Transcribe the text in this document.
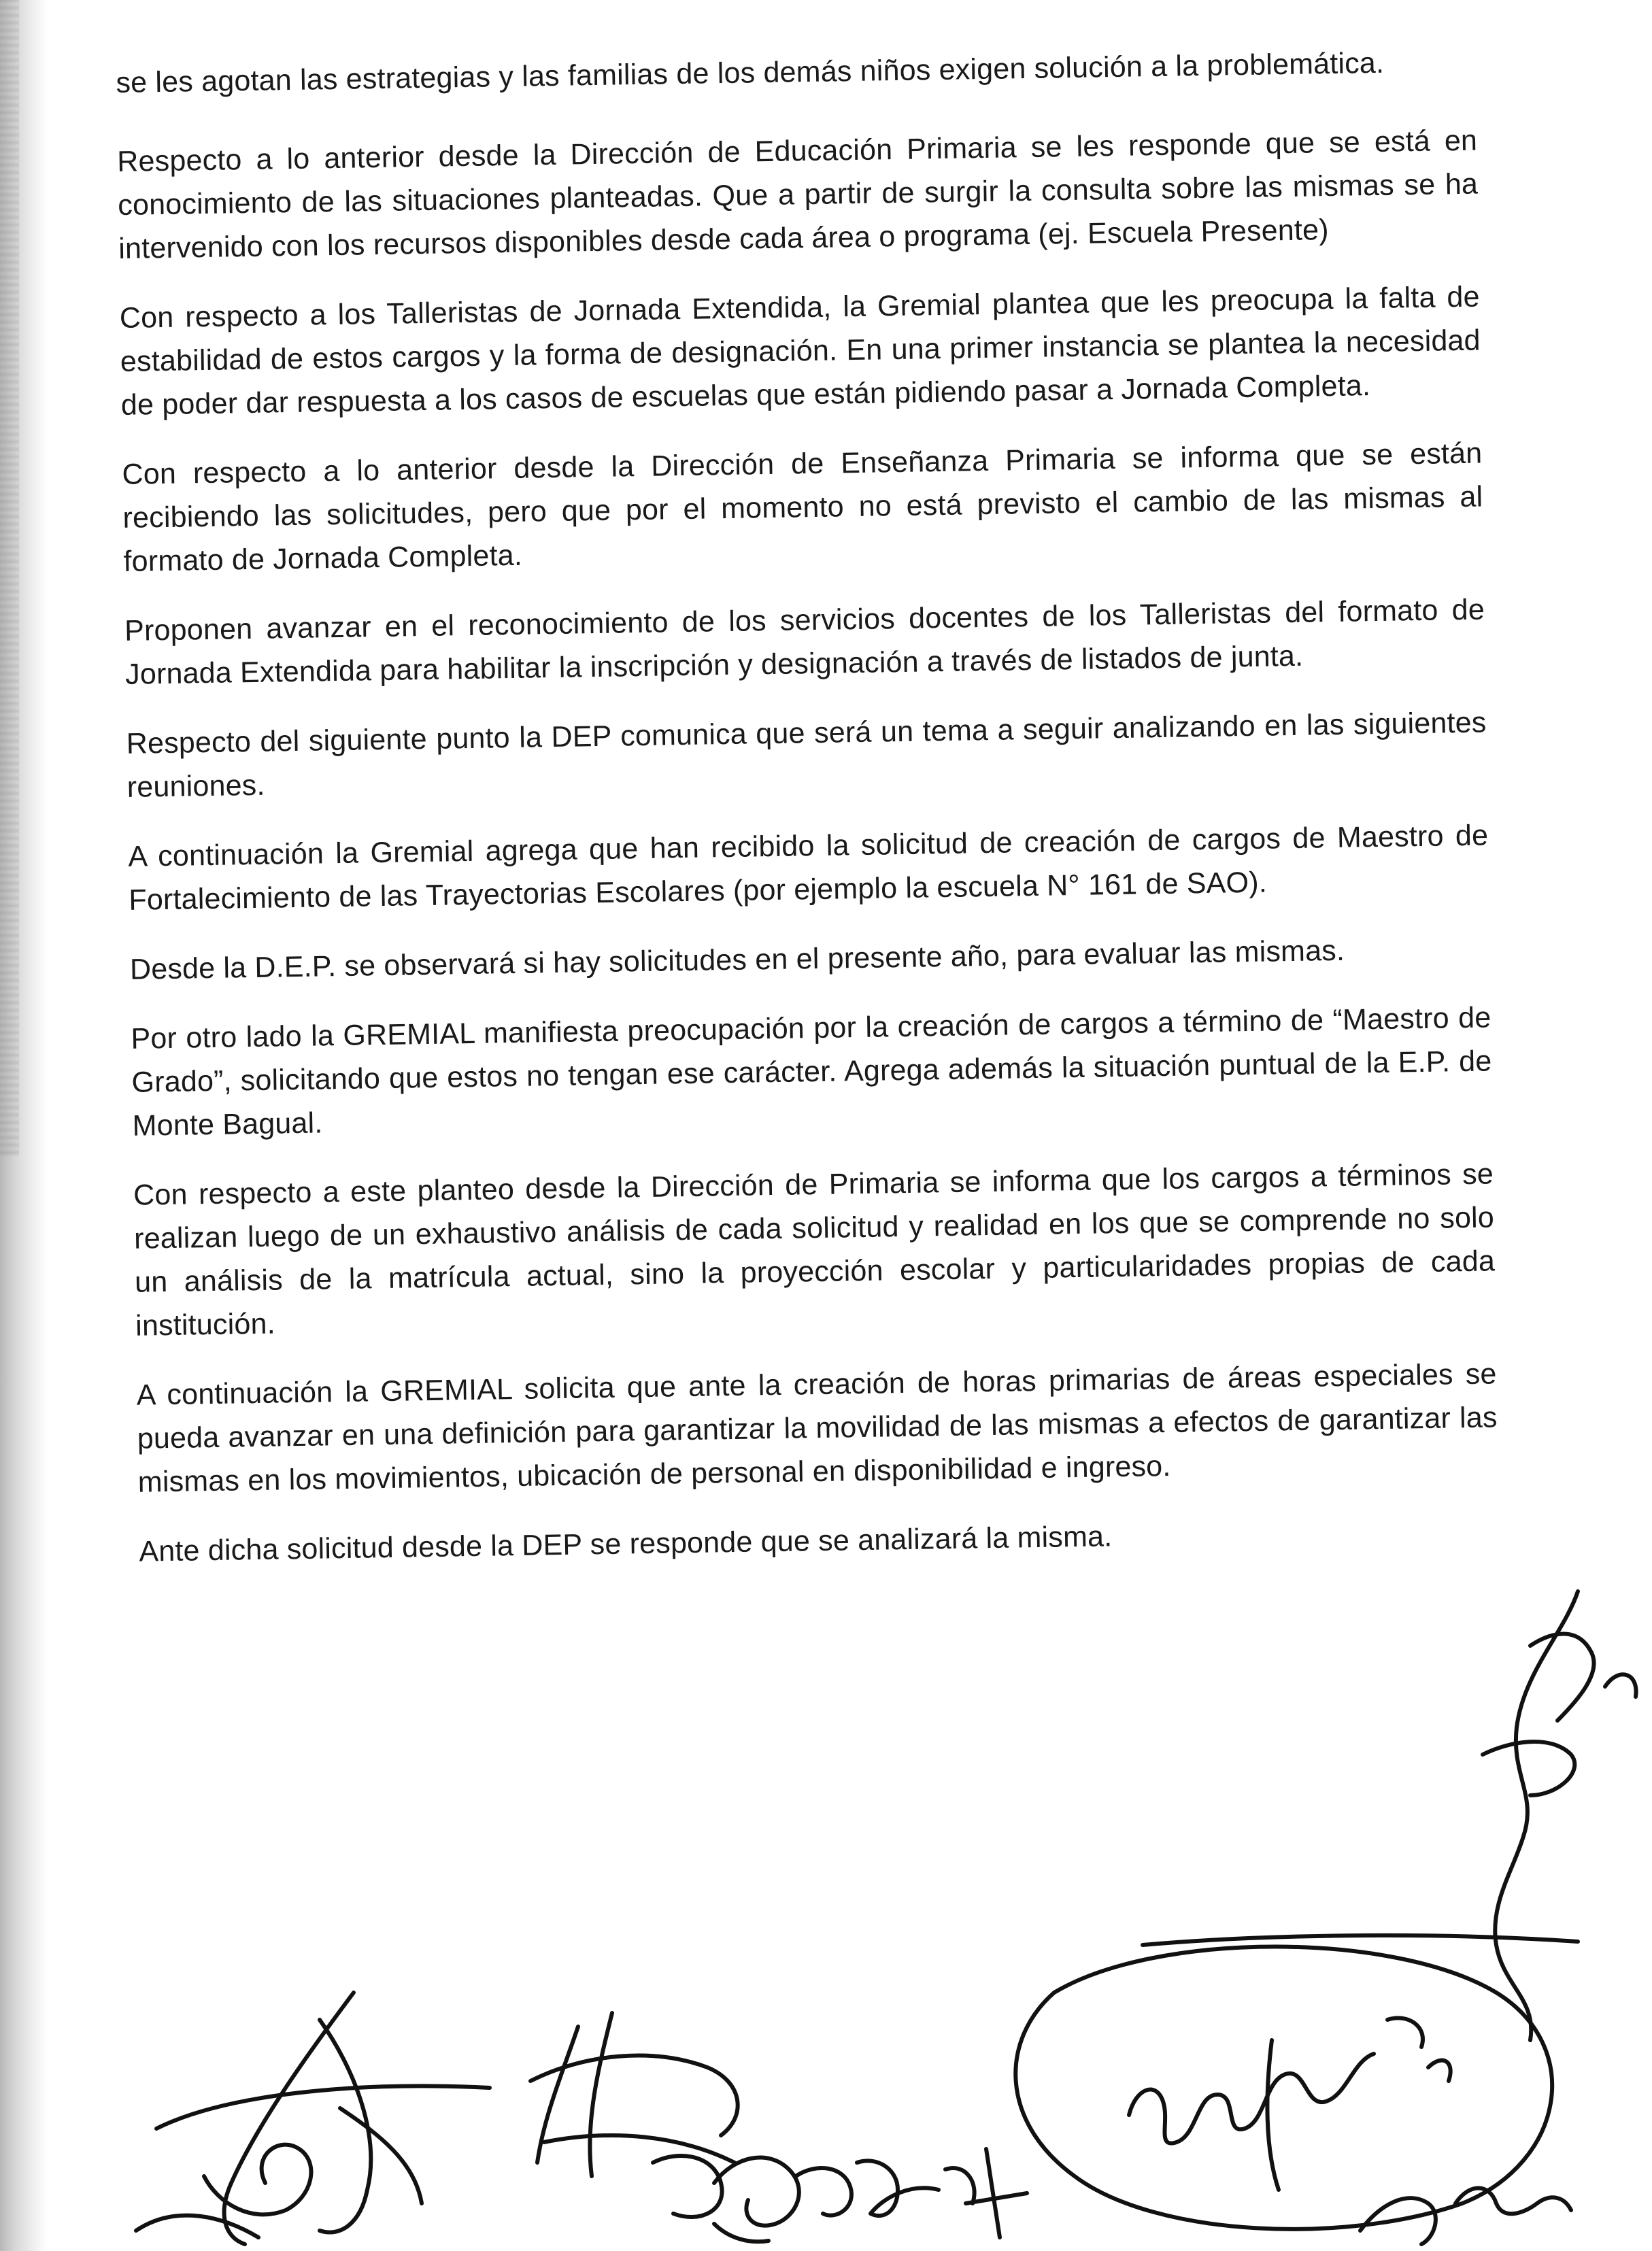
se les agotan las estrategias y las familias de los demás niños exigen solución a la problemática.

Respecto a lo anterior desde la Dirección de Educación Primaria se les responde que se está en conocimiento de las situaciones planteadas. Que a partir de surgir la consulta sobre las mismas se ha intervenido con los recursos disponibles desde cada área o programa (ej. Escuela Presente)

Con respecto a los Talleristas de Jornada Extendida, la Gremial plantea que les preocupa la falta de estabilidad de estos cargos y la forma de designación. En una primer instancia se plantea la necesidad de poder dar respuesta a los casos de escuelas que están pidiendo pasar a Jornada Completa.

Con respecto a lo anterior desde la Dirección de Enseñanza Primaria se informa que se están recibiendo las solicitudes, pero que por el momento no está previsto el cambio de las mismas al formato de Jornada Completa.

Proponen avanzar en el reconocimiento de los servicios docentes de los Talleristas del formato de Jornada Extendida para habilitar la inscripción y designación a través de listados de junta.

Respecto del siguiente punto la DEP comunica que será un tema a seguir analizando en las siguientes reuniones.

A continuación la Gremial agrega que han recibido la solicitud de creación de cargos de Maestro de Fortalecimiento de las Trayectorias Escolares (por ejemplo la escuela N° 161 de SAO).

Desde la D.E.P. se observará si hay solicitudes en el presente año, para evaluar las mismas.

Por otro lado la GREMIAL manifiesta preocupación por la creación de cargos a término de “Maestro de Grado”, solicitando que estos no tengan ese carácter. Agrega además la situación puntual de la E.P. de Monte Bagual.

Con respecto a este planteo desde la Dirección de Primaria se informa que los cargos a términos se realizan luego de un exhaustivo análisis de cada solicitud y realidad en los que se comprende no solo un análisis de la matrícula actual, sino la proyección escolar y particularidades propias de cada institución.

A continuación la GREMIAL solicita que ante la creación de horas primarias de áreas especiales se pueda avanzar en una definición para garantizar la movilidad de las mismas a efectos de garantizar las mismas en los movimientos, ubicación de personal en disponibilidad e ingreso.

Ante dicha solicitud desde la DEP se responde que se analizará la misma.
